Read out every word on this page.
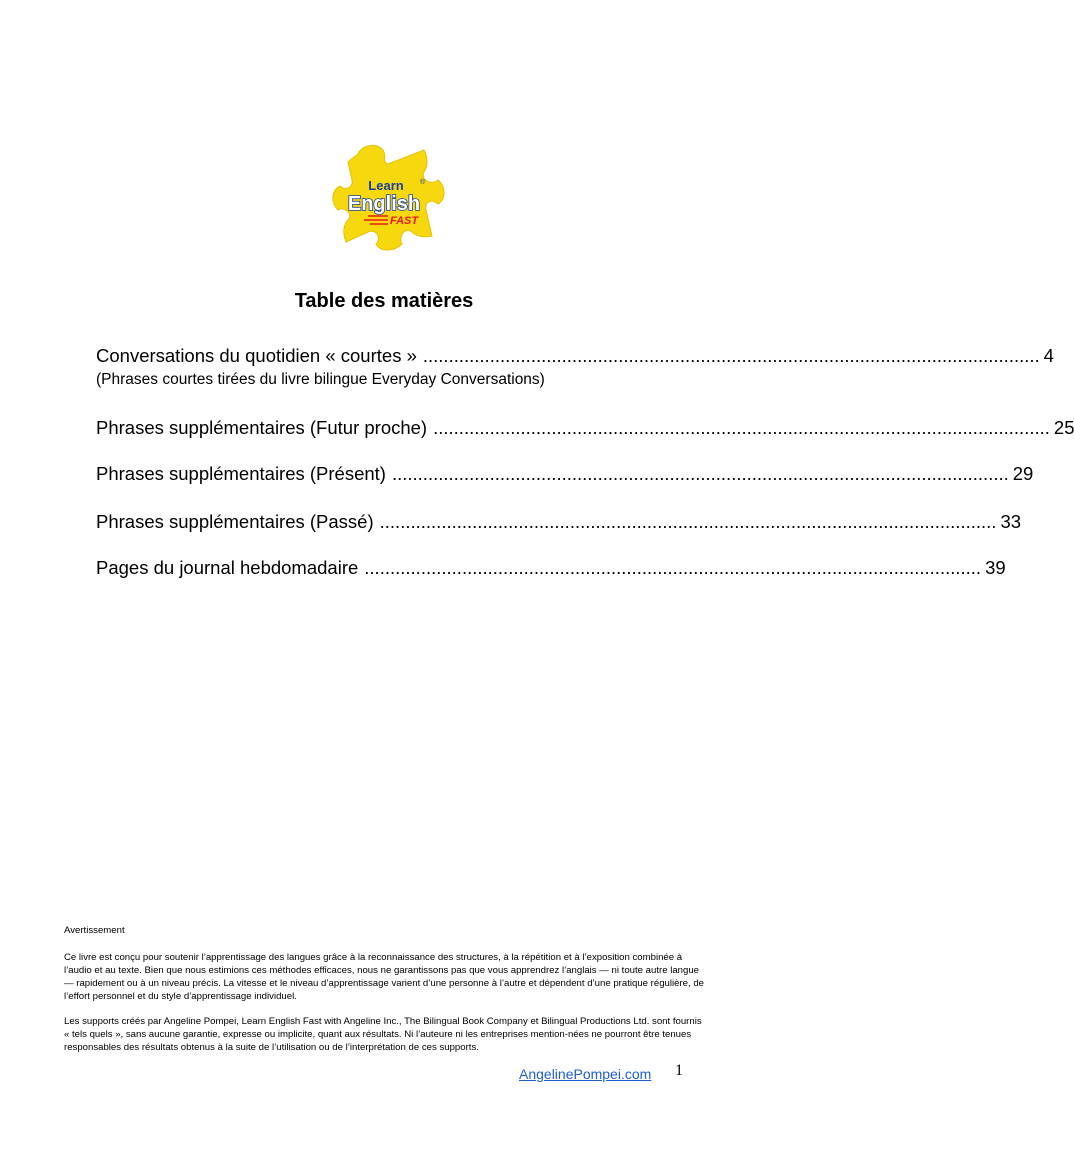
Learn
English
®
FAST
Table des matières
Conversations du quotidien « courtes » ........................................................................................................................ 4
(Phrases courtes tirées du livre bilingue Everyday Conversations)
Phrases supplémentaires (Futur proche) ........................................................................................................................ 25
Phrases supplémentaires (Présent) ........................................................................................................................ 29
Phrases supplémentaires (Passé) ........................................................................................................................ 33
Pages du journal hebdomadaire ........................................................................................................................ 39

Avertissement

Ce livre est conçu pour soutenir l’apprentissage des langues grâce à la reconnaissance des structures, à la répétition et à l’exposition combinée à l’audio et au texte. Bien que nous estimions ces méthodes efficaces, nous ne garantissons pas que vous apprendrez l’anglais — ni toute autre langue — rapidement ou à un niveau précis. La vitesse et le niveau d’apprentissage varient d’une personne à l’autre et dépendent d’une pratique régulière, de l’effort personnel et du style d’apprentissage individuel.

Les supports créés par Angeline Pompei, Learn English Fast with Angeline Inc., The Bilingual Book Company et Bilingual Productions Ltd. sont fournis « tels quels », sans aucune garantie, expresse ou implicite, quant aux résultats. Ni l’auteure ni les entreprises mention-nées ne pourront être tenues responsables des résultats obtenus à la suite de l’utilisation ou de l’interprétation de ces supports.

AngelinePompei.com 1
